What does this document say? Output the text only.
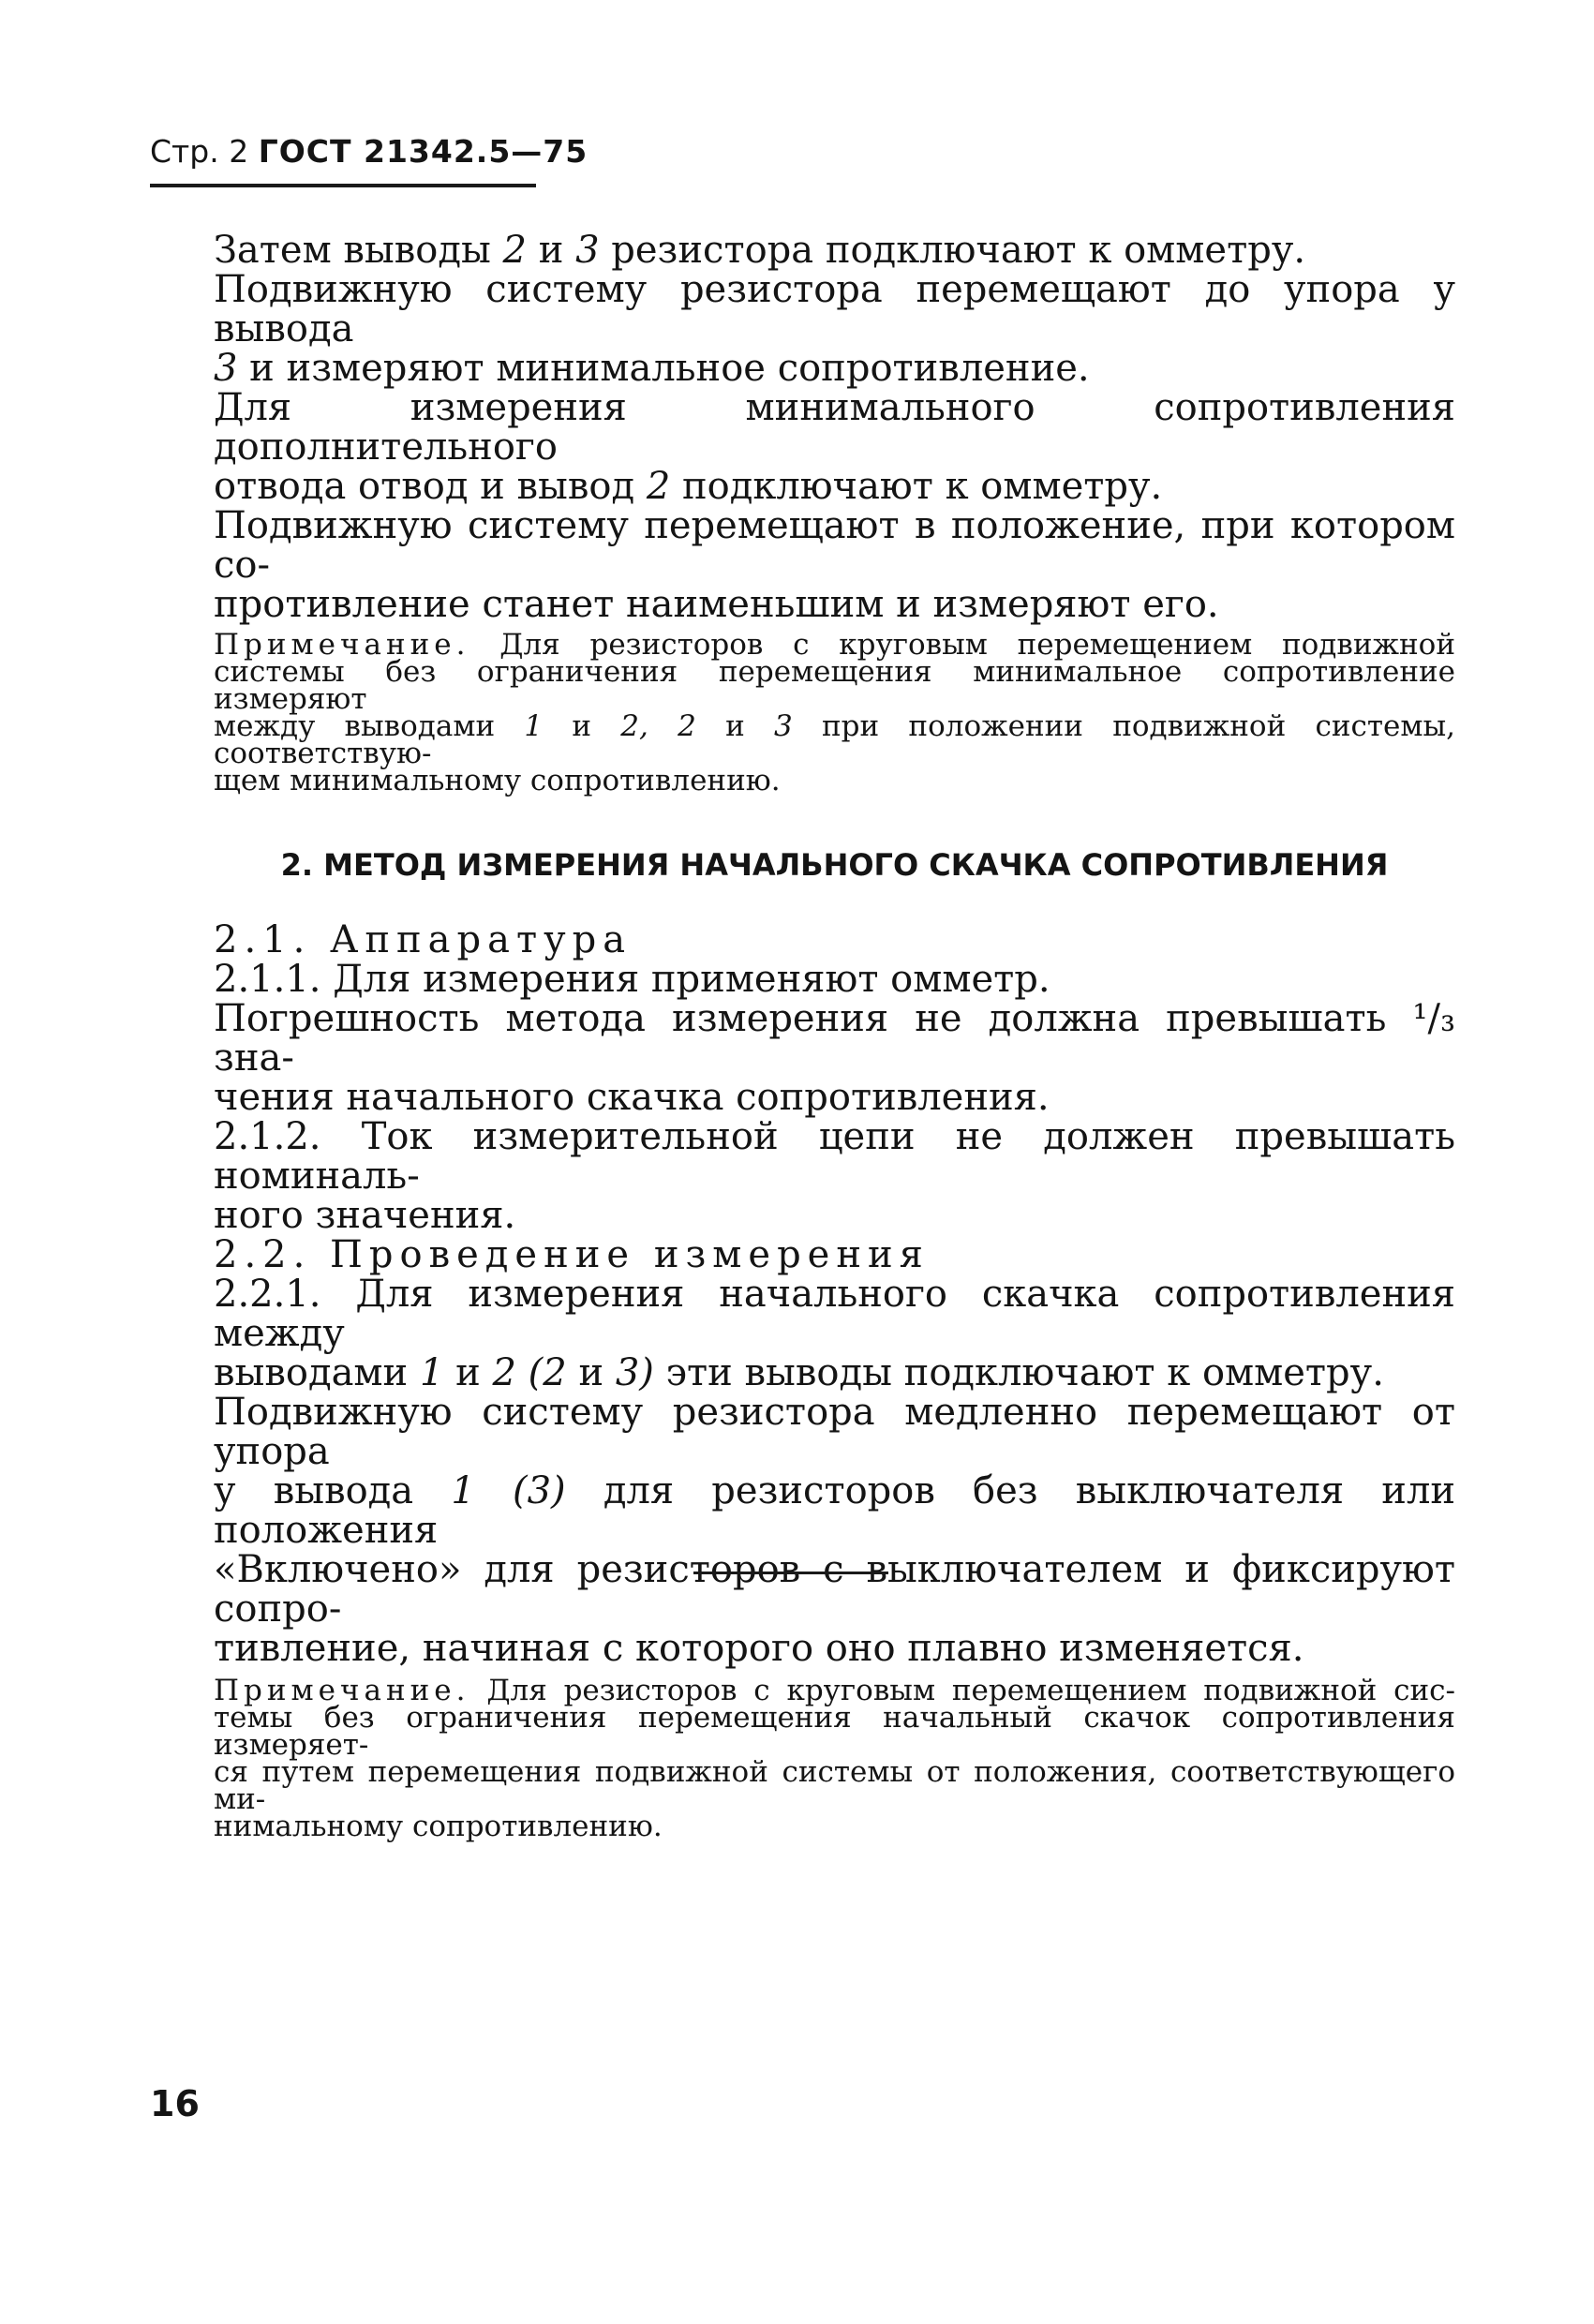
Стр. 2 ГОСТ 21342.5—75

Затем выводы 2 и 3 резистора подключают к омметру.

Подвижную систему резистора перемещают до упора у вывода

3 и измеряют минимальное сопротивление.

Для измерения минимального сопротивления дополнительного

отвода отвод и вывод 2 подключают к омметру.

Подвижную систему перемещают в положение, при котором со-

противление станет наименьшим и измеряют его.

Примечание. Для резисторов с круговым перемещением подвижной

системы без ограничения перемещения минимальное сопротивление измеряют

между выводами 1 и 2, 2 и 3 при положении подвижной системы, соответствую-

щем минимальному сопротивлению.

2. МЕТОД ИЗМЕРЕНИЯ НАЧАЛЬНОГО СКАЧКА СОПРОТИВЛЕНИЯ

2.1. Аппаратура

2.1.1. Для измерения применяют омметр.

Погрешность метода измерения не должна превышать ¹/₃ зна-

чения начального скачка сопротивления.

2.1.2. Ток измерительной цепи не должен превышать номиналь-

ного значения.

2.2. Проведение измерения

2.2.1. Для измерения начального скачка сопротивления между

выводами 1 и 2 (2 и 3) эти выводы подключают к омметру.

Подвижную систему резистора медленно перемещают от упора

у вывода 1 (3) для резисторов без выключателя или положения

«Включено» для резисторов с выключателем и фиксируют сопро-

тивление, начиная с которого оно плавно изменяется.

Примечание. Для резисторов с круговым перемещением подвижной сис-

темы без ограничения перемещения начальный скачок сопротивления измеряет-

ся путем перемещения подвижной системы от положения, соответствующего ми-

нимальному сопротивлению.

16
